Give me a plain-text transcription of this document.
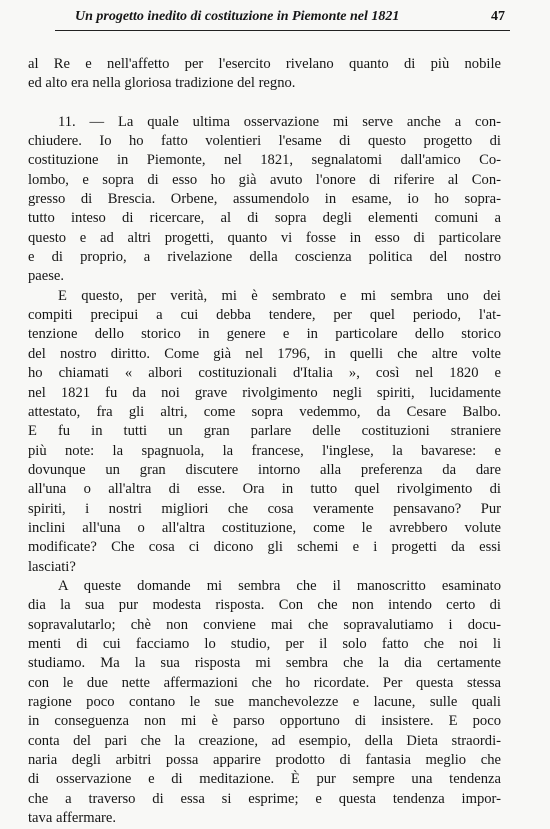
Un progetto inedito di costituzione in Piemonte nel 1821	47
al Re e nell'affetto per l'esercito rivelano quanto di più nobile
ed alto era nella gloriosa tradizione del regno.
11. — La quale ultima osservazione mi serve anche a con-
chiudere. Io ho fatto volentieri l'esame di questo progetto di
costituzione in Piemonte, nel 1821, segnalatomi dall'amico Co-
lombo, e sopra di esso ho già avuto l'onore di riferire al Con-
gresso di Brescia. Orbene, assumendolo in esame, io ho sopra-
tutto inteso di ricercare, al di sopra degli elementi comuni a
questo e ad altri progetti, quanto vi fosse in esso di particolare
e di proprio, a rivelazione della coscienza politica del nostro
paese.
E questo, per verità, mi è sembrato e mi sembra uno dei
compiti precipui a cui debba tendere, per quel periodo, l'at-
tenzione dello storico in genere e in particolare dello storico
del nostro diritto. Come già nel 1796, in quelli che altre volte
ho chiamati « albori costituzionali d'Italia », così nel 1820 e
nel 1821 fu da noi grave rivolgimento negli spiriti, lucidamente
attestato, fra gli altri, come sopra vedemmo, da Cesare Balbo.
E fu in tutti un gran parlare delle costituzioni straniere
più note: la spagnuola, la francese, l'inglese, la bavarese: e
dovunque un gran discutere intorno alla preferenza da dare
all'una o all'altra di esse. Ora in tutto quel rivolgimento di
spiriti, i nostri migliori che cosa veramente pensavano? Pur
inclini all'una o all'altra costituzione, come le avrebbero volute
modificate? Che cosa ci dicono gli schemi e i progetti da essi
lasciati?
A queste domande mi sembra che il manoscritto esaminato
dia la sua pur modesta risposta. Con che non intendo certo di
sopravalutarlo; chè non conviene mai che sopravalutiamo i docu-
menti di cui facciamo lo studio, per il solo fatto che noi li
studiamo. Ma la sua risposta mi sembra che la dia certamente
con le due nette affermazioni che ho ricordate. Per questa stessa
ragione poco contano le sue manchevolezze e lacune, sulle quali
in conseguenza non mi è parso opportuno di insistere. E poco
conta del pari che la creazione, ad esempio, della Dieta straordi-
naria degli arbitri possa apparire prodotto di fantasia meglio che
di osservazione e di meditazione. È pur sempre una tendenza
che a traverso di essa si esprime; e questa tendenza impor-
tava affermare.
